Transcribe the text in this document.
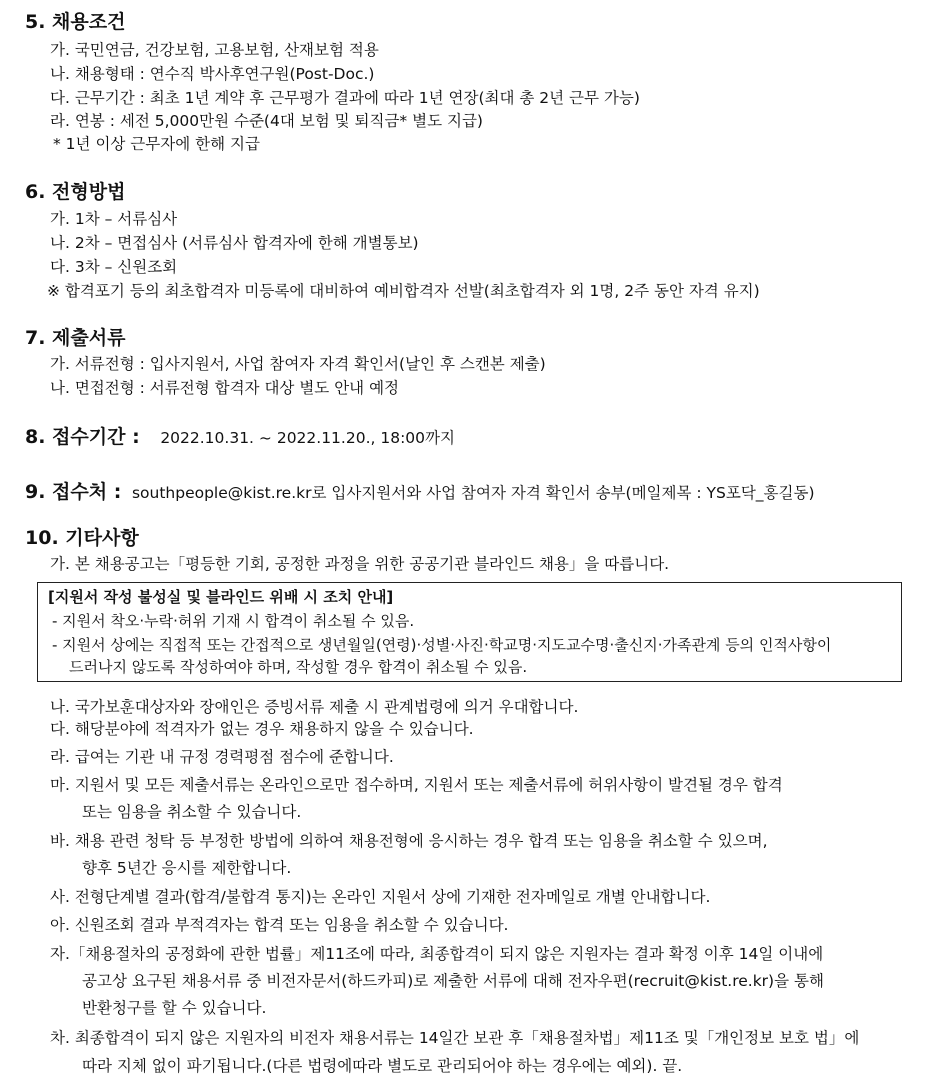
5. 채용조건
가. 국민연금, 건강보험, 고용보험, 산재보험 적용
나. 채용형태 : 연수직 박사후연구원(Post-Doc.)
다. 근무기간 : 최초 1년 계약 후 근무평가 결과에 따라 1년 연장(최대 총 2년 근무 가능)
라. 연봉 : 세전 5,000만원 수준(4대 보험 및 퇴직금* 별도 지급)
* 1년 이상 근무자에 한해 지급
6. 전형방법
가. 1차 – 서류심사
나. 2차 – 면접심사 (서류심사 합격자에 한해 개별통보)
다. 3차 – 신원조회
※ 합격포기 등의 최초합격자 미등록에 대비하여 예비합격자 선발(최초합격자 외 1명, 2주 동안 자격 유지)
7. 제출서류
가. 서류전형 : 입사지원서, 사업 참여자 자격 확인서(날인 후 스캔본 제출)
나. 면접전형 : 서류전형 합격자 대상 별도 안내 예정
8. 접수기간 : 2022.10.31. ~ 2022.11.20., 18:00까지
9. 접수처 : southpeople@kist.re.kr로 입사지원서와 사업 참여자 자격 확인서 송부(메일제목 : YS포닥_홍길동)
10. 기타사항
가. 본 채용공고는「평등한 기회, 공정한 과정을 위한 공공기관 블라인드 채용」을 따릅니다.
[지원서 작성 불성실 및 블라인드 위배 시 조치 안내]
- 지원서 착오·누락·허위 기재 시 합격이 취소될 수 있음.
- 지원서 상에는 직접적 또는 간접적으로 생년월일(연령)·성별·사진·학교명·지도교수명·출신지·가족관계 등의 인적사항이
드러나지 않도록 작성하여야 하며, 작성할 경우 합격이 취소될 수 있음.
나. 국가보훈대상자와 장애인은 증빙서류 제출 시 관계법령에 의거 우대합니다.
다. 해당분야에 적격자가 없는 경우 채용하지 않을 수 있습니다.
라. 급여는 기관 내 규정 경력평점 점수에 준합니다.
마. 지원서 및 모든 제출서류는 온라인으로만 접수하며, 지원서 또는 제출서류에 허위사항이 발견될 경우 합격
또는 임용을 취소할 수 있습니다.
바. 채용 관련 청탁 등 부정한 방법에 의하여 채용전형에 응시하는 경우 합격 또는 임용을 취소할 수 있으며,
향후 5년간 응시를 제한합니다.
사. 전형단계별 결과(합격/불합격 통지)는 온라인 지원서 상에 기재한 전자메일로 개별 안내합니다.
아. 신원조회 결과 부적격자는 합격 또는 임용을 취소할 수 있습니다.
자.「채용절차의 공정화에 관한 법률」제11조에 따라, 최종합격이 되지 않은 지원자는 결과 확정 이후 14일 이내에
공고상 요구된 채용서류 중 비전자문서(하드카피)로 제출한 서류에 대해 전자우편(recruit@kist.re.kr)을 통해
반환청구를 할 수 있습니다.
차. 최종합격이 되지 않은 지원자의 비전자 채용서류는 14일간 보관 후「채용절차법」제11조 및「개인정보 보호 법」에
따라 지체 없이 파기됩니다.(다른 법령에따라 별도로 관리되어야 하는 경우에는 예외). 끝.
